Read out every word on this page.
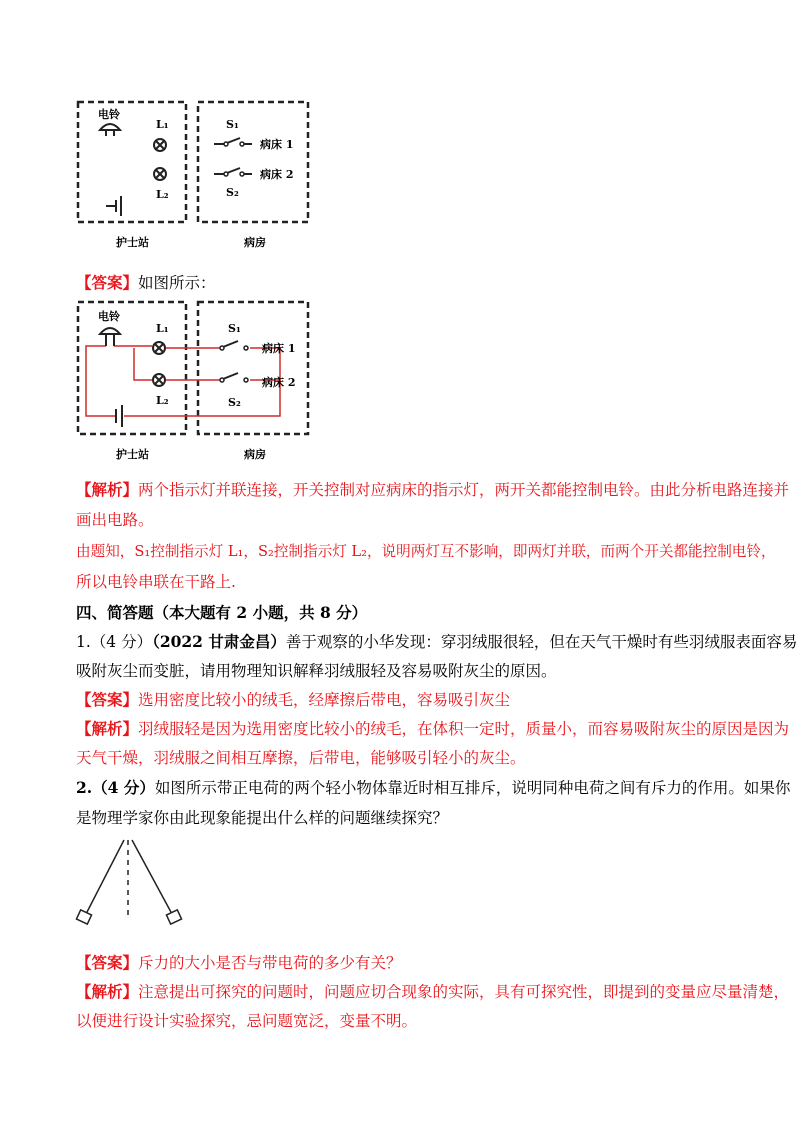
电铃
L₁
L₂
S₁
病床 1
病床 2
S₂
护士站	病房
【答案】如图所示：
电铃
L₁
L₂
S₁
病床 1
病床 2
S₂
护士站	病房
【解析】两个指示灯并联连接，开关控制对应病床的指示灯，两开关都能控制电铃。由此分析电路连接并
画出电路。
由题知，S₁控制指示灯 L₁，S₂控制指示灯 L₂，说明两灯互不影响，即两灯并联，而两个开关都能控制电铃，
所以电铃串联在干路上.
四、简答题（本大题有 2 小题，共 8 分）
1.（4 分）（2022 甘肃金昌）善于观察的小华发现：穿羽绒服很轻，但在天气干燥时有些羽绒服表面容易
吸附灰尘而变脏，请用物理知识解释羽绒服轻及容易吸附灰尘的原因。
【答案】选用密度比较小的绒毛，经摩擦后带电，容易吸引灰尘
【解析】羽绒服轻是因为选用密度比较小的绒毛，在体积一定时，质量小，而容易吸附灰尘的原因是因为
天气干燥，羽绒服之间相互摩擦，后带电，能够吸引轻小的灰尘。
2.（4 分）如图所示带正电荷的两个轻小物体靠近时相互排斥，说明同种电荷之间有斥力的作用。如果你
是物理学家你由此现象能提出什么样的问题继续探究？
【答案】斥力的大小是否与带电荷的多少有关？
【解析】注意提出可探究的问题时，问题应切合现象的实际，具有可探究性，即提到的变量应尽量清楚，
以便进行设计实验探究，忌问题宽泛，变量不明。
